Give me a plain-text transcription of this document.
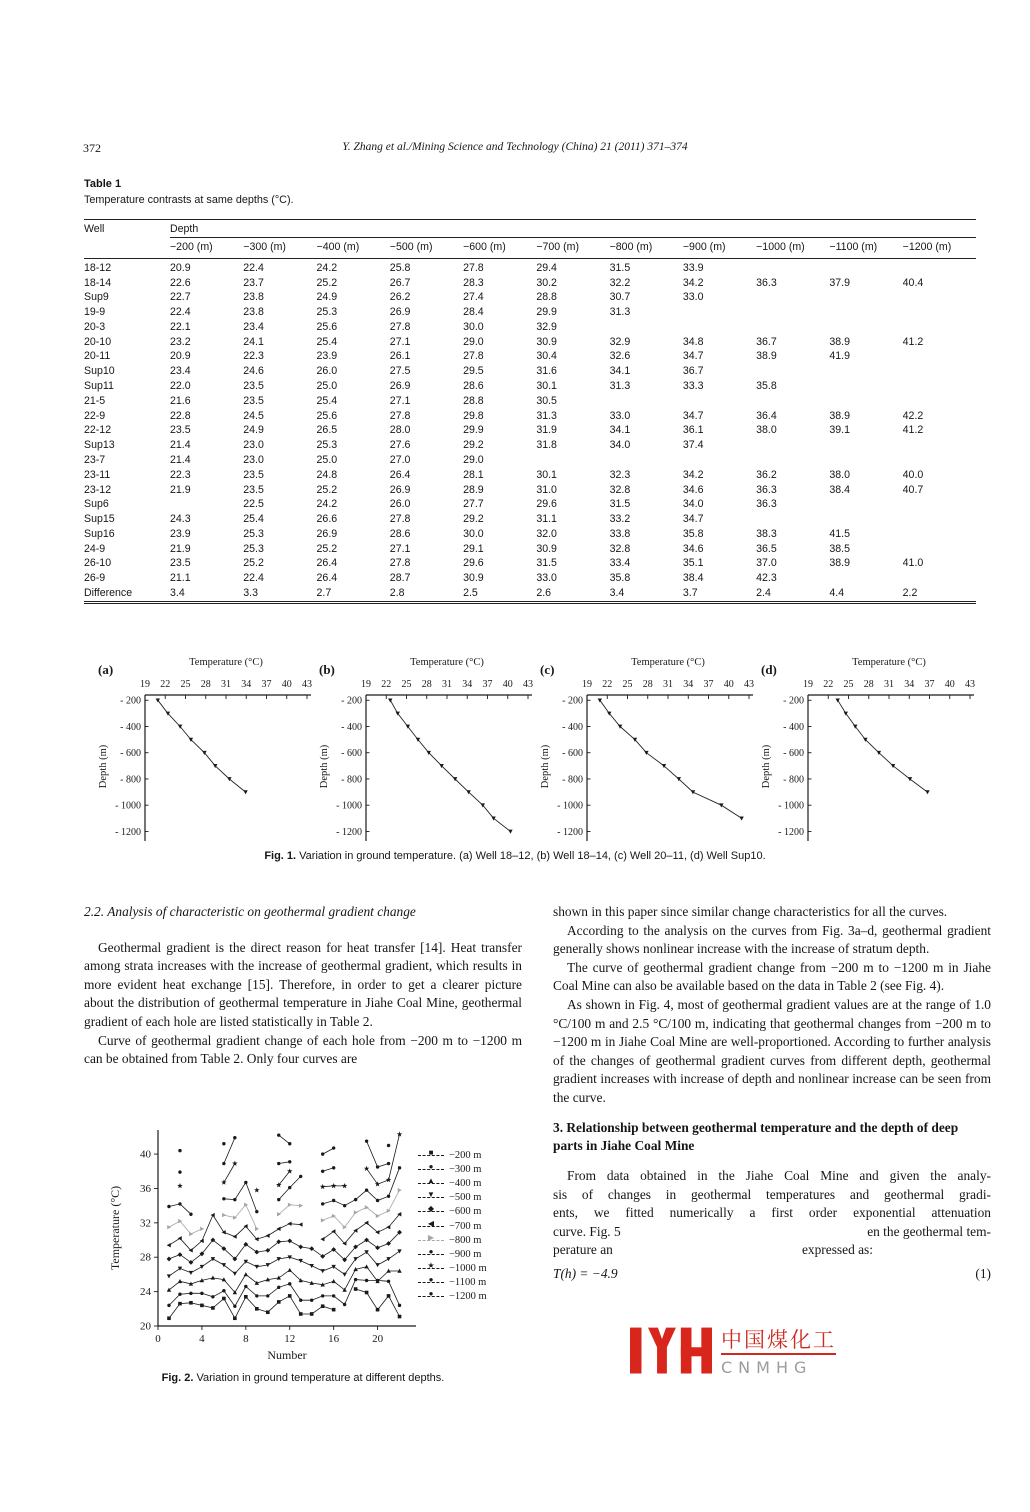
372	Y. Zhang et al./Mining Science and Technology (China) 21 (2011) 371–374
Table 1
Temperature contrasts at same depths (°C).
Well	Depth										
	−200 (m)	−300 (m)	−400 (m)	−500 (m)	−600 (m)	−700 (m)	−800 (m)	−900 (m)	−1000 (m)	−1100 (m)	−1200 (m)
18-12	20.9	22.4	24.2	25.8	27.8	29.4	31.5	33.9			
18-14	22.6	23.7	25.2	26.7	28.3	30.2	32.2	34.2	36.3	37.9	40.4
Sup9	22.7	23.8	24.9	26.2	27.4	28.8	30.7	33.0			
19-9	22.4	23.8	25.3	26.9	28.4	29.9	31.3				
20-3	22.1	23.4	25.6	27.8	30.0	32.9					
20-10	23.2	24.1	25.4	27.1	29.0	30.9	32.9	34.8	36.7	38.9	41.2
20-11	20.9	22.3	23.9	26.1	27.8	30.4	32.6	34.7	38.9	41.9	
Sup10	23.4	24.6	26.0	27.5	29.5	31.6	34.1	36.7			
Sup11	22.0	23.5	25.0	26.9	28.6	30.1	31.3	33.3	35.8		
21-5	21.6	23.5	25.4	27.1	28.8	30.5					
22-9	22.8	24.5	25.6	27.8	29.8	31.3	33.0	34.7	36.4	38.9	42.2
22-12	23.5	24.9	26.5	28.0	29.9	31.9	34.1	36.1	38.0	39.1	41.2
Sup13	21.4	23.0	25.3	27.6	29.2	31.8	34.0	37.4			
23-7	21.4	23.0	25.0	27.0	29.0						
23-11	22.3	23.5	24.8	26.4	28.1	30.1	32.3	34.2	36.2	38.0	40.0
23-12	21.9	23.5	25.2	26.9	28.9	31.0	32.8	34.6	36.3	38.4	40.7
Sup6		22.5	24.2	26.0	27.7	29.6	31.5	34.0	36.3		
Sup15	24.3	25.4	26.6	27.8	29.2	31.1	33.2	34.7			
Sup16	23.9	25.3	26.9	28.6	30.0	32.0	33.8	35.8	38.3	41.5	
24-9	21.9	25.3	25.2	27.1	29.1	30.9	32.8	34.6	36.5	38.5	
26-10	23.5	25.2	26.4	27.8	29.6	31.5	33.4	35.1	37.0	38.9	41.0
26-9	21.1	22.4	26.4	28.7	30.9	33.0	35.8	38.4	42.3		
Difference	3.4	3.3	2.7	2.8	2.5	2.6	3.4	3.7	2.4	4.4	2.2
Temperature (°C)
(a)
19 22 25 28 31 34 37 40 43
- 200
- 400
- 600
- 800
- 1000
- 1200
Depth (m)
Temperature (°C)
(b)
19 22 25 28 31 34 37 40 43
- 200
- 400
- 600
- 800
- 1000
- 1200
Depth (m)
Temperature (°C)
(c)
19 22 25 28 31 34 37 40 43
- 200
- 400
- 600
- 800
- 1000
- 1200
Depth (m)
Temperature (°C)
(d)
19 22 25 28 31 34 37 40 43
- 200
- 400
- 600
- 800
- 1000
- 1200
Depth (m)
Fig. 1. Variation in ground temperature. (a) Well 18–12, (b) Well 18–14, (c) Well 20–11, (d) Well Sup10.
2.2. Analysis of characteristic on geothermal gradient change

Geothermal gradient is the direct reason for heat transfer [14]. Heat transfer among strata increases with the increase of geothermal gradient, which results in more evident heat exchange [15]. Therefore, in order to get a clearer picture about the distribution of geothermal temperature in Jiahe Coal Mine, geothermal gradient of each hole are listed statistically in Table 2.

Curve of geothermal gradient change of each hole from −200 m to −1200 m can be obtained from Table 2. Only four curves are

20
24
28
32
36
40
0	4	8	12	16	20
Number
Temperature (°C)
■ −200 m
● −300 m
▲ −400 m
▼ −500 m
◆ −600 m
◀ −700 m
▶ −800 m
● −900 m
★ −1000 m
● −1100 m
● −1200 m
Fig. 2. Variation in ground temperature at different depths.

shown in this paper since similar change characteristics for all the curves.

According to the analysis on the curves from Fig. 3a–d, geothermal gradient generally shows nonlinear increase with the increase of stratum depth.

The curve of geothermal gradient change from −200 m to −1200 m in Jiahe Coal Mine can also be available based on the data in Table 2 (see Fig. 4).

As shown in Fig. 4, most of geothermal gradient values are at the range of 1.0 °C/100 m and 2.5 °C/100 m, indicating that geothermal changes from −200 m to −1200 m in Jiahe Coal Mine are well-proportioned. According to further analysis of the changes of geothermal gradient curves from different depth, geothermal gradient increases with increase of depth and nonlinear increase can be seen from the curve.

3. Relationship between geothermal temperature and the depth of deep parts in Jiahe Coal Mine
From data obtained in the Jiahe Coal Mine and given the analy-
sis of changes in geothermal temperatures and geothermal gradi-
ents, we fitted numerically a first order exponential attenuation
curve. Fig. 5	en the geothermal tem-
perature an	expressed as:
T(h) = −4.9	(1)
中国煤化工
CNMHG
